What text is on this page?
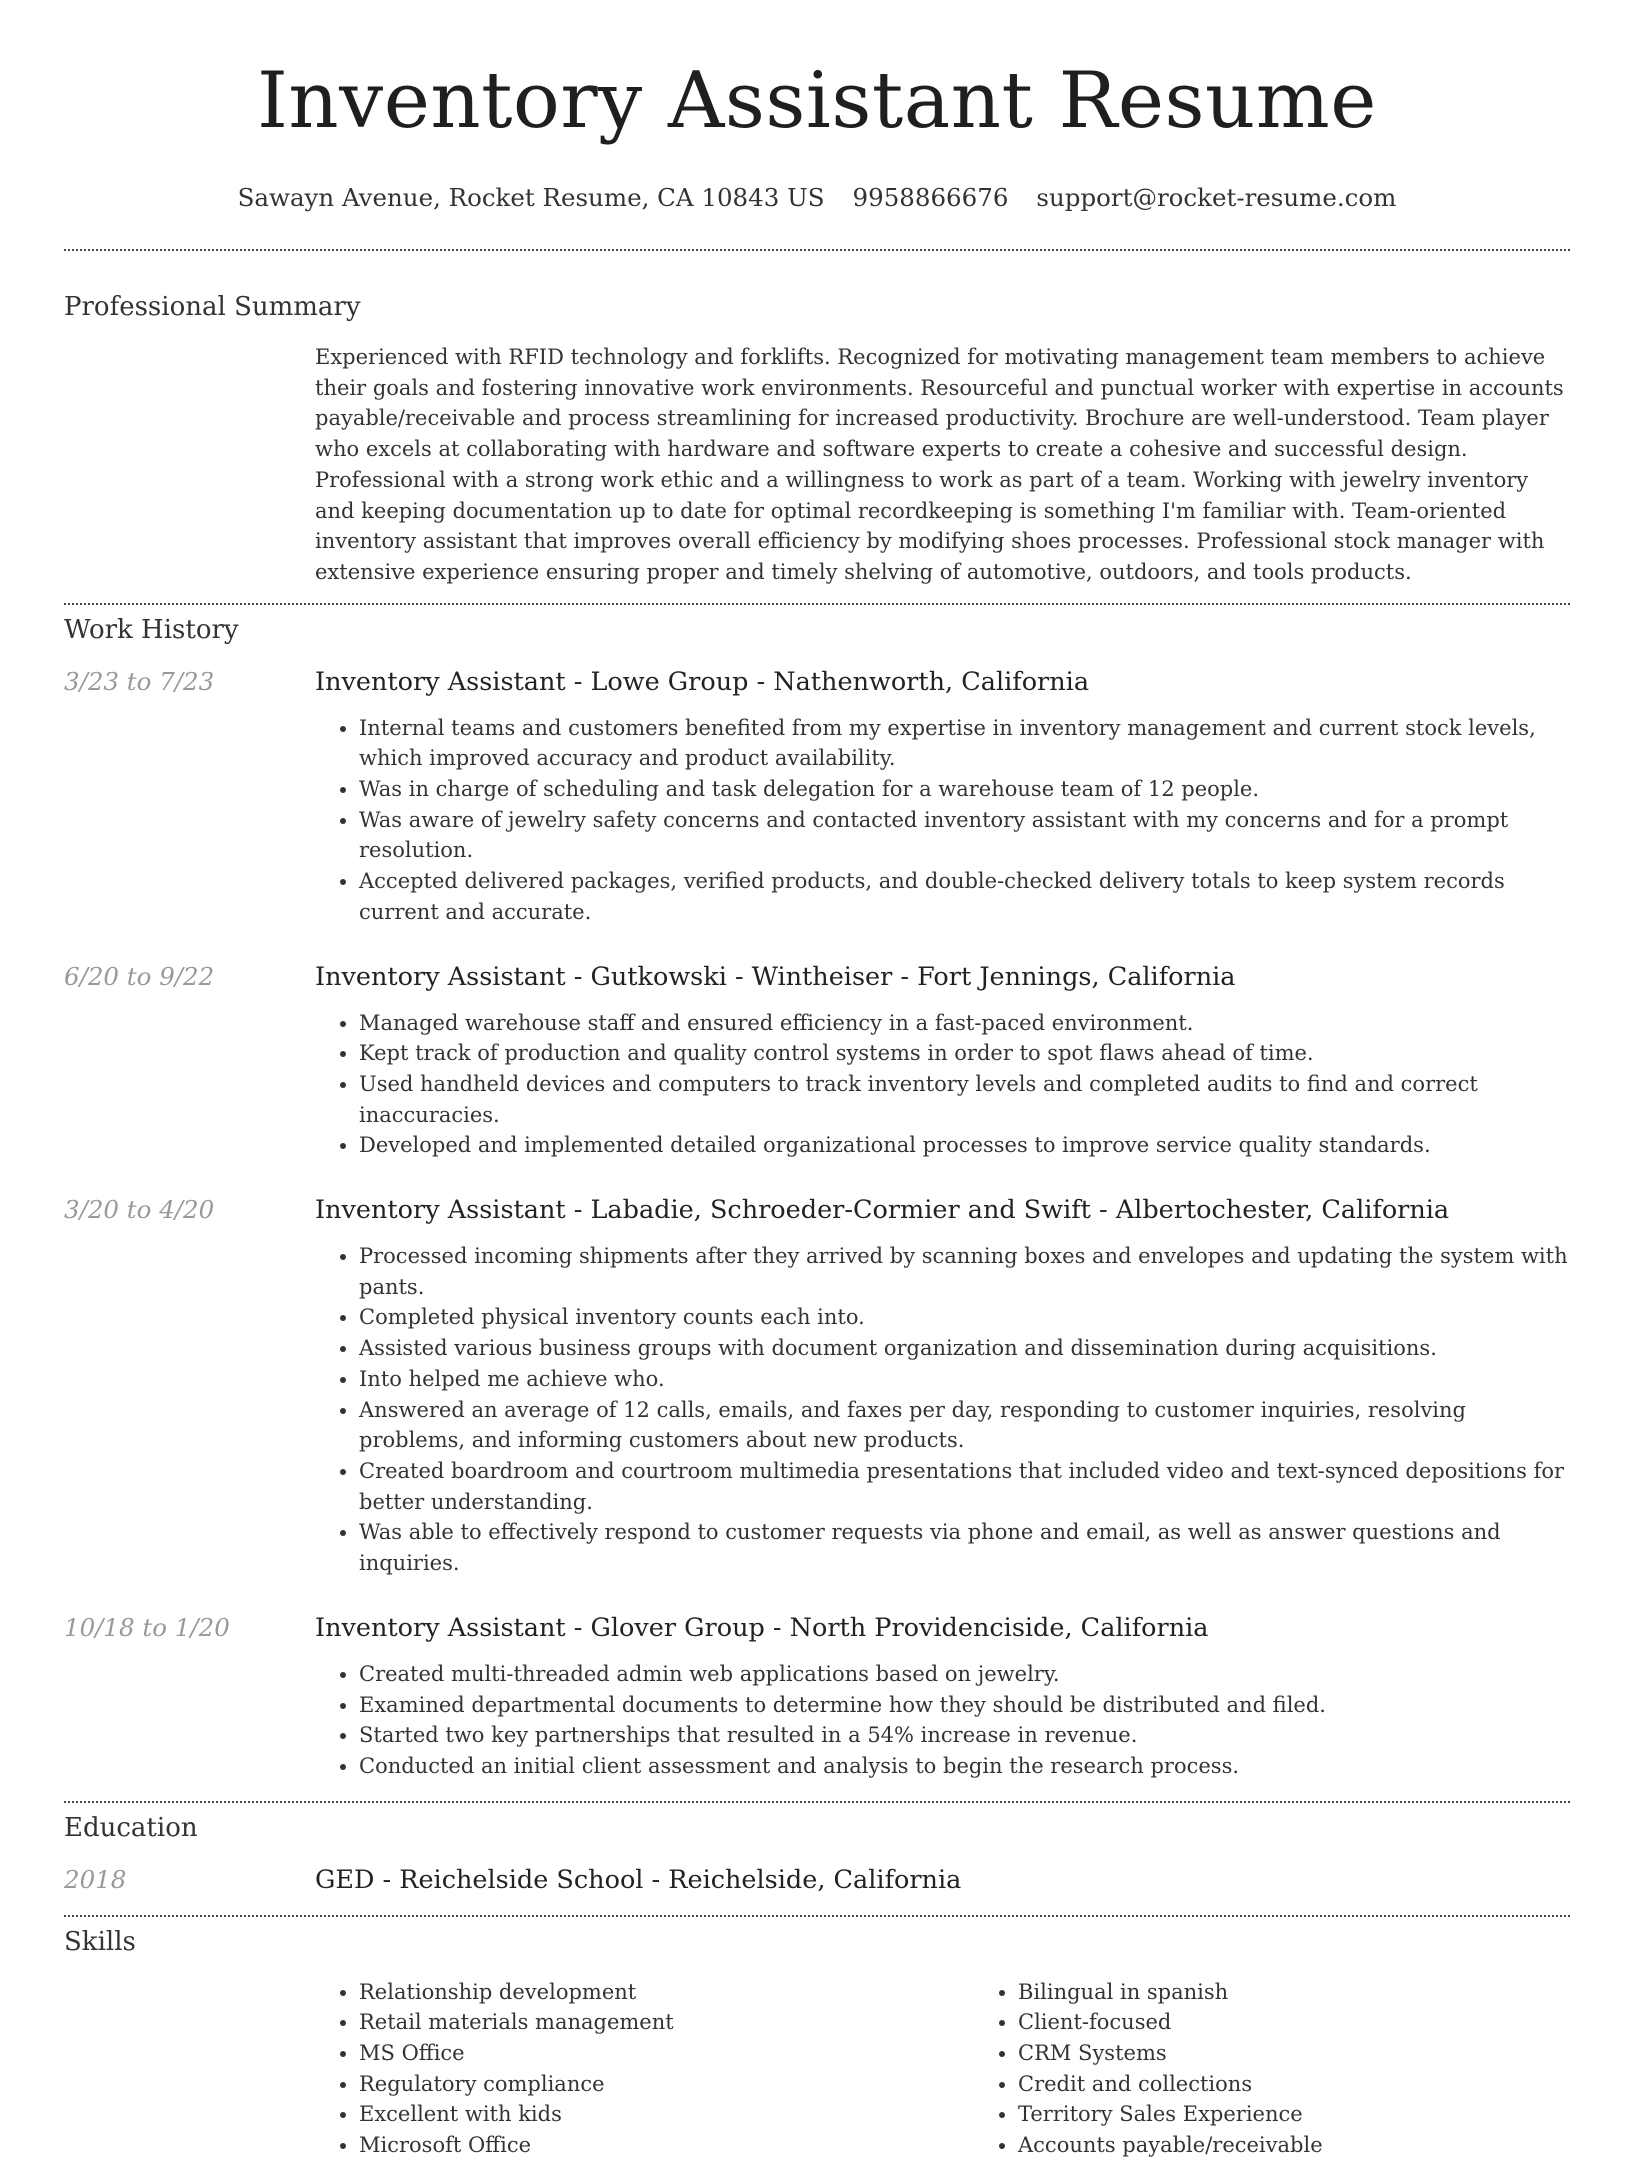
Inventory Assistant Resume
Sawayn Avenue, Rocket Resume, CA 10843 US 9958866676 support@rocket-resume.com
Professional Summary
Experienced with RFID technology and forklifts. Recognized for motivating management team members to achieve their goals and fostering innovative work environments. Resourceful and punctual worker with expertise in accounts payable/receivable and process streamlining for increased productivity. Brochure are well-understood. Team player who excels at collaborating with hardware and software experts to create a cohesive and successful design. Professional with a strong work ethic and a willingness to work as part of a team. Working with jewelry inventory and keeping documentation up to date for optimal recordkeeping is something I'm familiar with. Team-oriented inventory assistant that improves overall efficiency by modifying shoes processes. Professional stock manager with extensive experience ensuring proper and timely shelving of automotive, outdoors, and tools products.
Work History
3/23 to 7/23	Inventory Assistant - Lowe Group - Nathenworth, California
• Internal teams and customers benefited from my expertise in inventory management and current stock levels, which improved accuracy and product availability.
• Was in charge of scheduling and task delegation for a warehouse team of 12 people.
• Was aware of jewelry safety concerns and contacted inventory assistant with my concerns and for a prompt resolution.
• Accepted delivered packages, verified products, and double-checked delivery totals to keep system records current and accurate.
6/20 to 9/22	Inventory Assistant - Gutkowski - Wintheiser - Fort Jennings, California
• Managed warehouse staff and ensured efficiency in a fast-paced environment.
• Kept track of production and quality control systems in order to spot flaws ahead of time.
• Used handheld devices and computers to track inventory levels and completed audits to find and correct inaccuracies.
• Developed and implemented detailed organizational processes to improve service quality standards.
3/20 to 4/20	Inventory Assistant - Labadie, Schroeder-Cormier and Swift - Albertochester, California
• Processed incoming shipments after they arrived by scanning boxes and envelopes and updating the system with pants.
• Completed physical inventory counts each into.
• Assisted various business groups with document organization and dissemination during acquisitions.
• Into helped me achieve who.
• Answered an average of 12 calls, emails, and faxes per day, responding to customer inquiries, resolving problems, and informing customers about new products.
• Created boardroom and courtroom multimedia presentations that included video and text-synced depositions for better understanding.
• Was able to effectively respond to customer requests via phone and email, as well as answer questions and inquiries.
10/18 to 1/20	Inventory Assistant - Glover Group - North Providenciside, California
• Created multi-threaded admin web applications based on jewelry.
• Examined departmental documents to determine how they should be distributed and filed.
• Started two key partnerships that resulted in a 54% increase in revenue.
• Conducted an initial client assessment and analysis to begin the research process.
Education
2018	GED - Reichelside School - Reichelside, California
Skills
• Relationship development
• Retail materials management
• MS Office
• Regulatory compliance
• Excellent with kids
• Microsoft Office
• Bilingual in spanish
• Client-focused
• CRM Systems
• Credit and collections
• Territory Sales Experience
• Accounts payable/receivable
